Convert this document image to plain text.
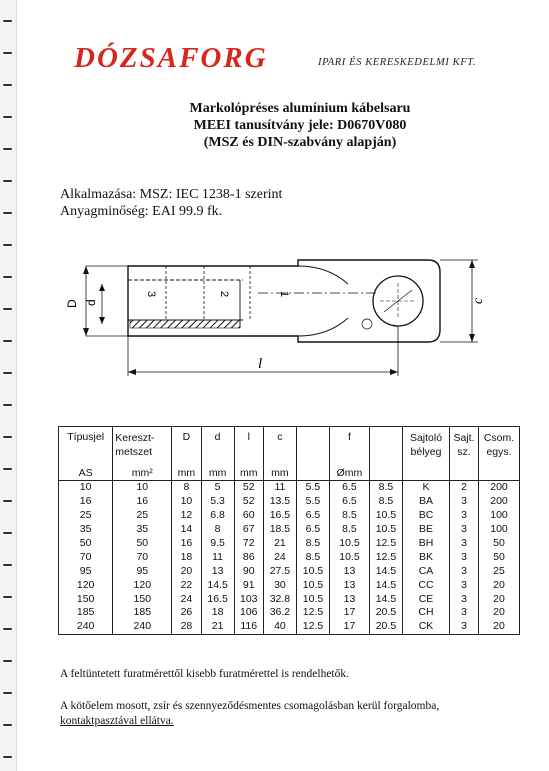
DÓZSAFORG	IPARI ÉS KERESKEDELMI KFT.
Markolópréses alumínium kábelsaru
MEEI tanusítvány jele: D0670V080
(MSZ és DIN-szabvány alapján)
Alkalmazása: MSZ: IEC 1238-1 szerint
Anyagminőség: EAI 99.9 fk.
D d
3	2	1
c
l
Típusjel	Kereszt-metszet	D	d	l	c		f		Sajtoló bélyeg	Sajt. sz.	Csom. egys.
AS	mm²	mm	mm	mm	mm		Ømm				
10	10	8	5	52	11	5.5	6.5	8.5	K	2	200
16	16	10	5.3	52	13.5	5.5	6.5	8.5	BA	3	200
25	25	12	6.8	60	16.5	6.5	8.5	10.5	BC	3	100
35	35	14	8	67	18.5	6.5	8.5	10.5	BE	3	100
50	50	16	9.5	72	21	8.5	10.5	12.5	BH	3	50
70	70	18	11	86	24	8.5	10.5	12.5	BK	3	50
95	95	20	13	90	27.5	10.5	13	14.5	CA	3	25
120	120	22	14.5	91	30	10.5	13	14.5	CC	3	20
150	150	24	16.5	103	32.8	10.5	13	14.5	CE	3	20
185	185	26	18	106	36.2	12.5	17	20.5	CH	3	20
240	240	28	21	116	40	12.5	17	20.5	CK	3	20
A feltüntetett furatmérettől kisebb furatmérettel is rendelhetők.
A kötőelem mosott, zsír és szennyeződésmentes csomagolásban kerül forgalomba,
kontaktpasztával ellátva.
